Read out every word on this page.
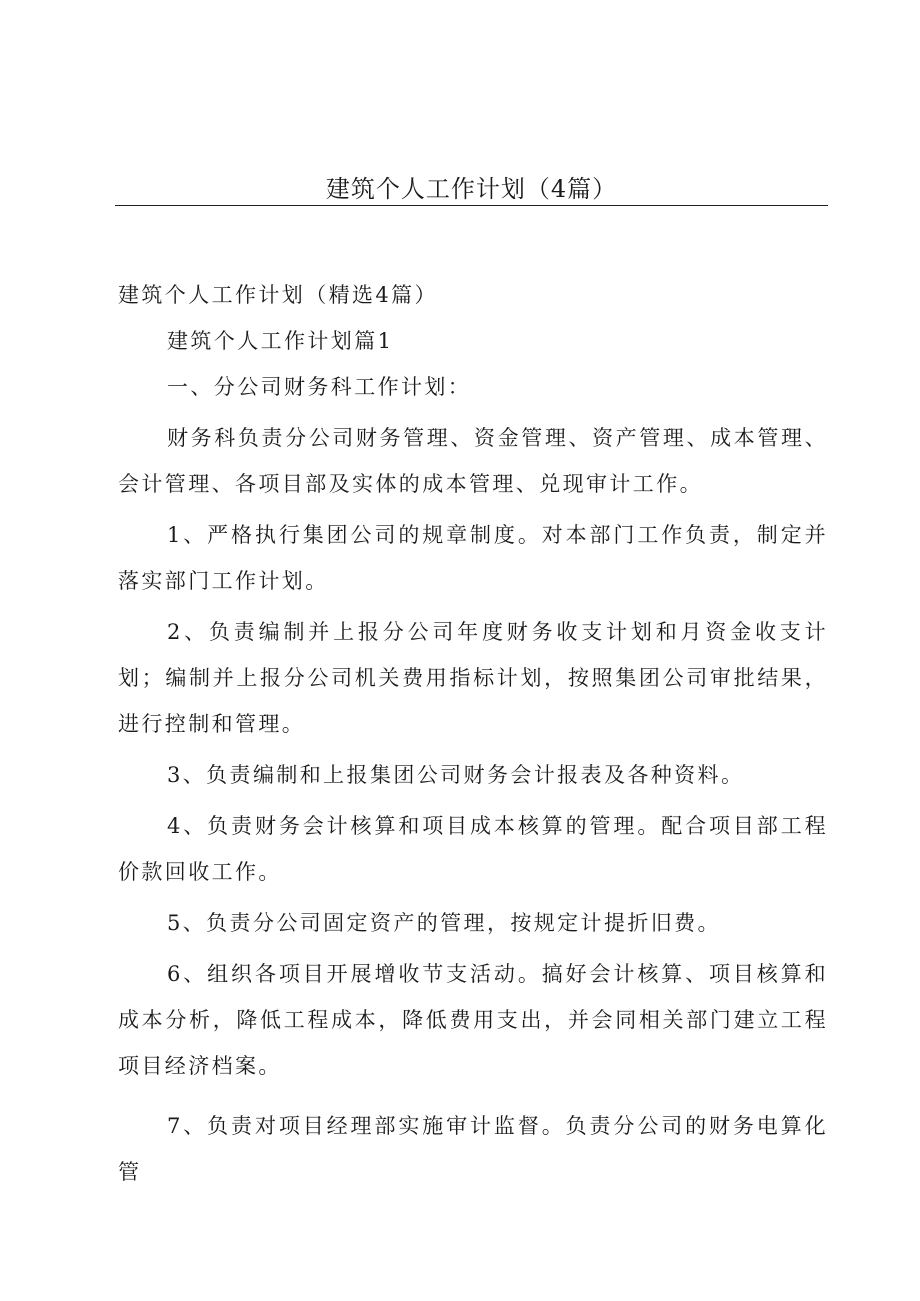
建筑个人工作计划（4篇）

建筑个人工作计划（精选4篇）

建筑个人工作计划篇1

一、分公司财务科工作计划：

财务科负责分公司财务管理、资金管理、资产管理、成本管理、会计管理、各项目部及实体的成本管理、兑现审计工作。

1、严格执行集团公司的规章制度。对本部门工作负责，制定并落实部门工作计划。

2、负责编制并上报分公司年度财务收支计划和月资金收支计划；编制并上报分公司机关费用指标计划，按照集团公司审批结果，进行控制和管理。

3、负责编制和上报集团公司财务会计报表及各种资料。

4、负责财务会计核算和项目成本核算的管理。配合项目部工程价款回收工作。

5、负责分公司固定资产的管理，按规定计提折旧费。

6、组织各项目开展增收节支活动。搞好会计核算、项目核算和成本分析，降低工程成本，降低费用支出，并会同相关部门建立工程项目经济档案。

7、负责对项目经理部实施审计监督。负责分公司的财务电算化管
